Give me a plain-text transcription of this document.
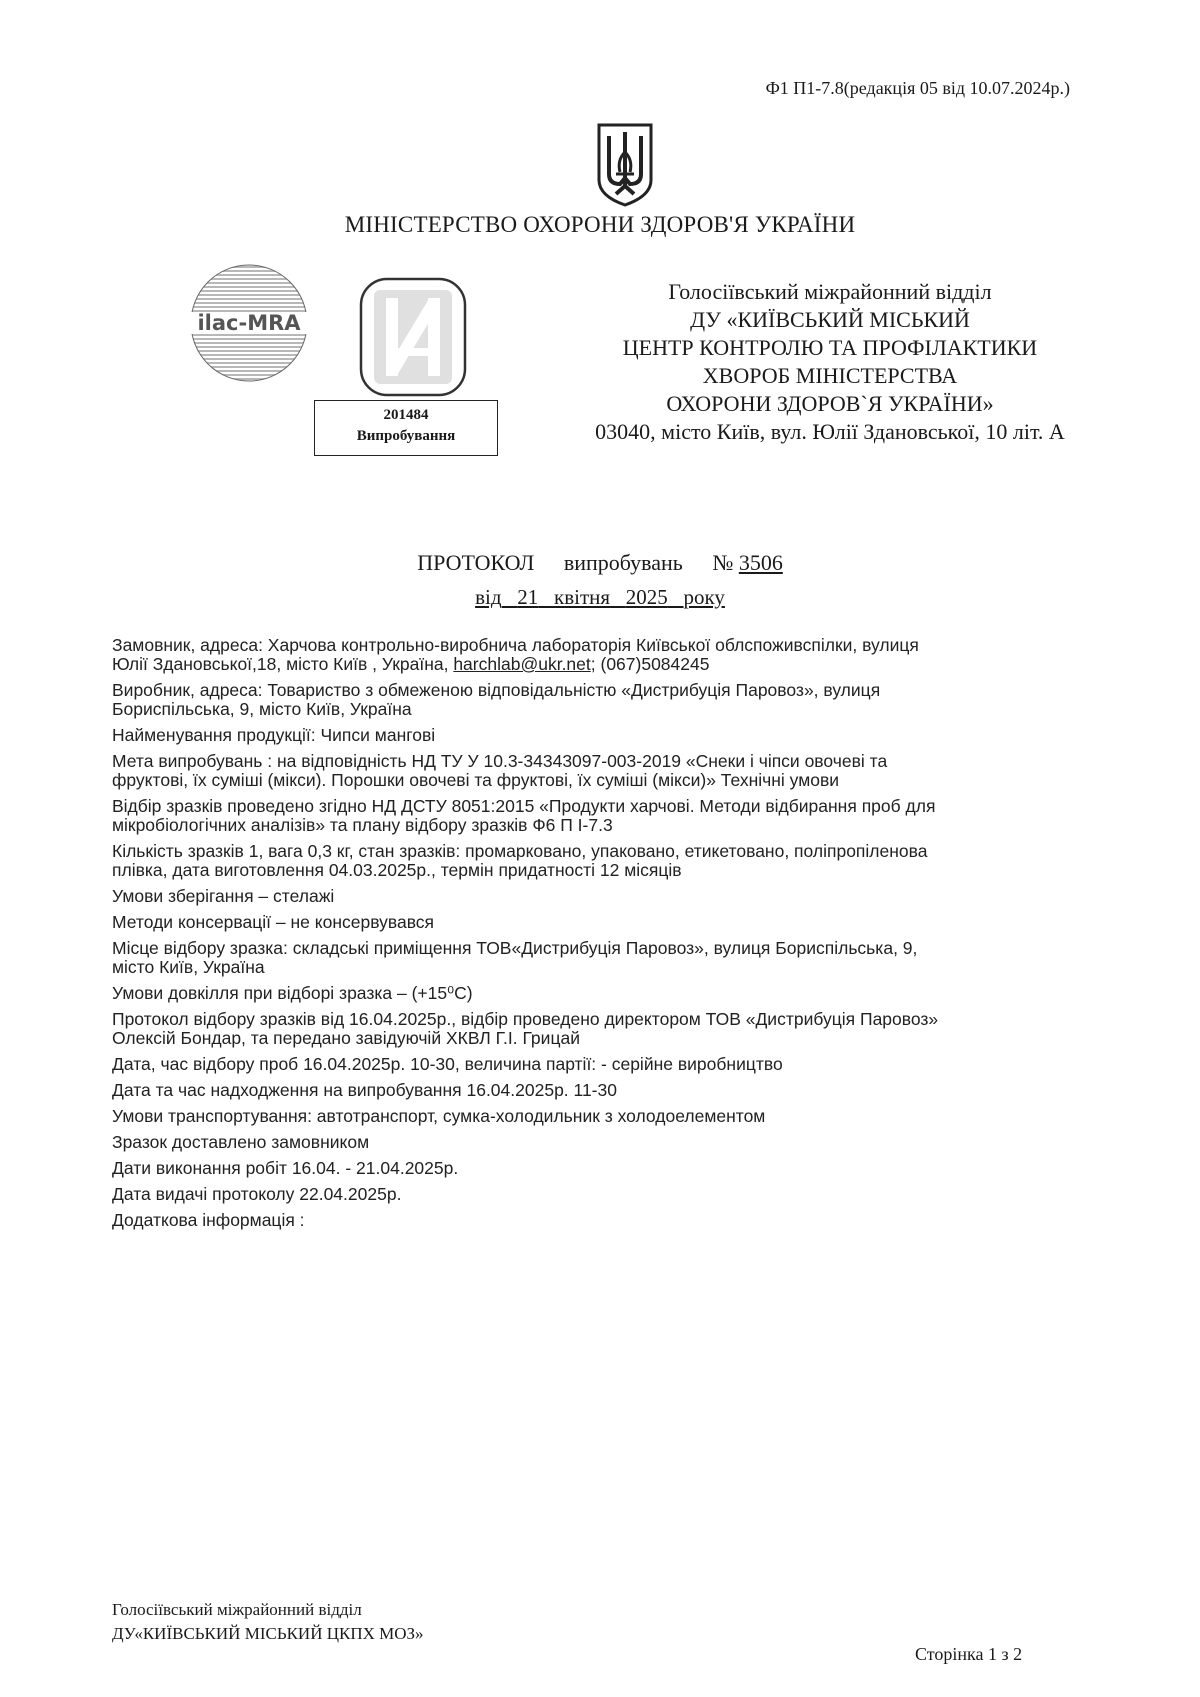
Ф1 П1-7.8(редакція 05 від 10.07.2024р.)
МІНІСТЕРСТВО ОХОРОНИ ЗДОРОВ'Я УКРАЇНИ
ilac-MRA
201484
Випробування
Голосіївський міжрайонний відділ
ДУ «КИЇВСЬКИЙ МІСЬКИЙ
ЦЕНТР КОНТРОЛЮ ТА ПРОФІЛАКТИКИ
ХВОРОБ МІНІСТЕРСТВА
ОХОРОНИ ЗДОРОВ`Я УКРАЇНИ»
03040, місто Київ, вул. Юлії Здановської, 10 літ. А
ПРОТОКОЛ випробувань № 3506
від 21 квітня 2025 року
Замовник, адреса: Харчова контрольно-виробнича лабораторія Київської облспоживспілки, вулиця
Юлії Здановської,18, місто Київ , Україна, harchlab@ukr.net; (067)5084245
Виробник, адреса: Товариство з обмеженою відповідальністю «Дистрибуція Паровоз», вулиця
Бориспільська, 9, місто Київ, Україна
Найменування продукції: Чипси мангові
Мета випробувань : на відповідність НД ТУ У 10.3-34343097-003-2019 «Снеки і чіпси овочеві та
фруктові, їх суміші (мікси). Порошки овочеві та фруктові, їх суміші (мікси)» Технічні умови
Відбір зразків проведено згідно НД ДСТУ 8051:2015 «Продукти харчові. Методи відбирання проб для
мікробіологічних аналізів» та плану відбору зразків Ф6 П І-7.3
Кількість зразків 1, вага 0,3 кг, стан зразків: промарковано, упаковано, етикетовано, поліпропіленова
плівка, дата виготовлення 04.03.2025р., термін придатності 12 місяців
Умови зберігання – стелажі
Методи консервації – не консервувався
Місце відбору зразка: складські приміщення ТОВ«Дистрибуція Паровоз», вулиця Бориспільська, 9,
місто Київ, Україна
Умови довкілля при відборі зразка – (+15⁰С)
Протокол відбору зразків від 16.04.2025р., відбір проведено директором ТОВ «Дистрибуція Паровоз»
Олексій Бондар, та передано завідуючій ХКВЛ Г.І. Грицай
Дата, час відбору проб 16.04.2025р. 10-30, величина партії: - серійне виробництво
Дата та час надходження на випробування 16.04.2025р. 11-30
Умови транспортування: автотранспорт, сумка-холодильник з холодоелементом
Зразок доставлено замовником
Дати виконання робіт 16.04. - 21.04.2025р.
Дата видачі протоколу 22.04.2025р.
Додаткова інформація :
Голосіївський міжрайонний відділ
ДУ«КИЇВСЬКИЙ МІСЬКИЙ ЦКПХ МОЗ»
Сторінка 1 з 2
